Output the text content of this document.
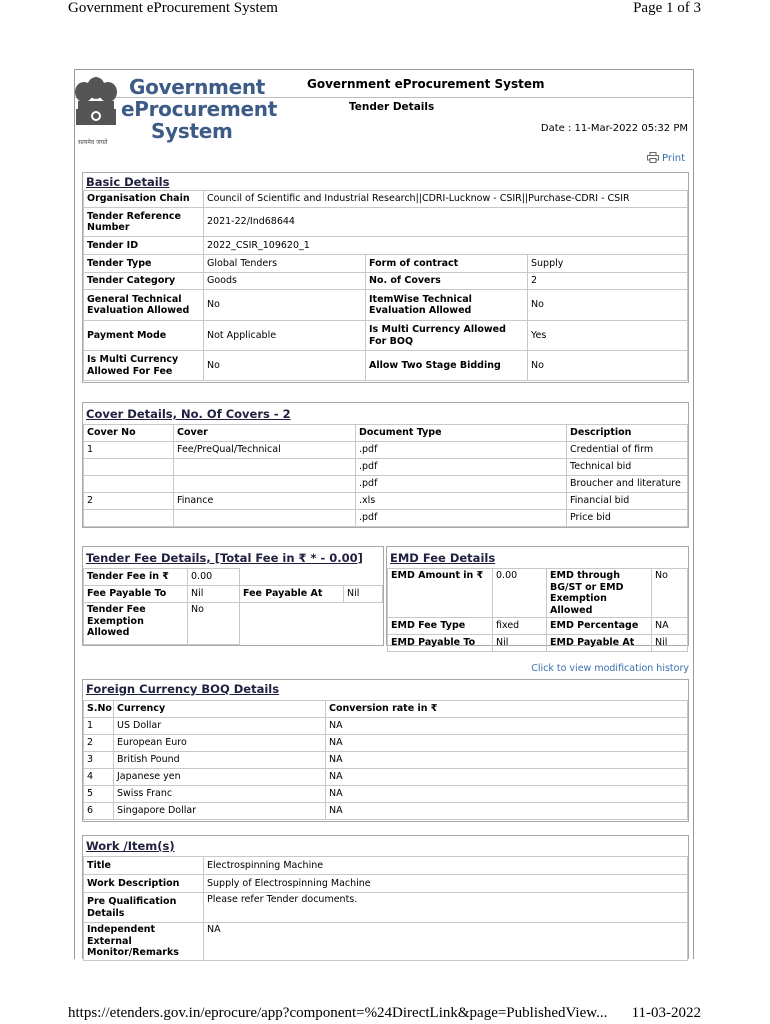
Government eProcurement System	Page 1 of 3
सत्यमेव जयते
Government
eProcurement
System
Government eProcurement System
Tender Details
Date : 11-Mar-2022 05:32 PM
Print
Basic Details
Organisation Chain	Council of Scientific and Industrial Research||CDRI-Lucknow - CSIR||Purchase-CDRI - CSIR		
Tender Reference Number	2021-22/Ind68644		
Tender ID	2022_CSIR_109620_1		
Tender Type	Global Tenders	Form of contract	Supply
Tender Category	Goods	No. of Covers	2
General Technical Evaluation Allowed	No	ItemWise Technical Evaluation Allowed	No
Payment Mode	Not Applicable	Is Multi Currency Allowed For BOQ	Yes
Is Multi Currency Allowed For Fee	No	Allow Two Stage Bidding	No
Cover Details, No. Of Covers - 2
Cover No	Cover	Document Type	Description
1	Fee/PreQual/Technical	.pdf	Credential of firm
		.pdf	Technical bid
		.pdf	Broucher and literature
2	Finance	.xls	Financial bid
		.pdf	Price bid
Tender Fee Details, [Total Fee in ₹ * - 0.00]
Tender Fee in ₹	0.00		
Fee Payable To	Nil	Fee Payable At	Nil
Tender Fee Exemption Allowed	No		
EMD Fee Details
EMD Amount in ₹	0.00	EMD through BG/ST or EMD Exemption Allowed	No
EMD Fee Type	fixed	EMD Percentage	NA
EMD Payable To	Nil	EMD Payable At	Nil
Click to view modification history
Foreign Currency BOQ Details
S.No	Currency	Conversion rate in ₹
1	US Dollar	NA
2	European Euro	NA
3	British Pound	NA
4	Japanese yen	NA
5	Swiss Franc	NA
6	Singapore Dollar	NA
Work /Item(s)
Title	Electrospinning Machine
Work Description	Supply of Electrospinning Machine
Pre Qualification Details	Please refer Tender documents.
Independent External Monitor/Remarks	NA
https://etenders.gov.in/eprocure/app?component=%24DirectLink&page=PublishedView... 11-03-2022
